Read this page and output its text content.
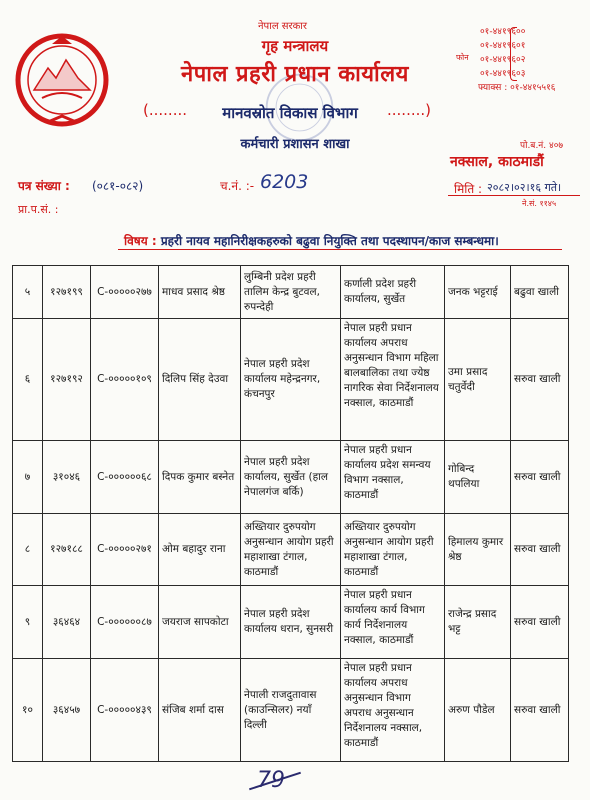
नेपाल सरकार
गृह मन्त्रालय
नेपाल प्रहरी प्रधान कार्यालय
(........	मानवस्रोत विकास विभाग	........)
कर्मचारी प्रशासन शाखा
०१-४४१९६००
०१-४४१९६०१
०१-४४१९६०२
०१-४४१९६०३
फोन
फ्याक्स : ०१-४४१५५१६
पो.ब.नं. ४०७
नक्साल, काठमाडौं
पत्र संख्या : (०८१-०८२)	च.नं. :- 6203	मिति : २०८२।०२।१६ गते।
ने.सं. ११४५
प्रा.प.सं. :
विषय : प्रहरी नायव महानिरीक्षकहरुको बढुवा नियुक्ति तथा पदस्थापन/काज सम्बन्धमा।
५	१२७१९९	C-०००००२७७	माधव प्रसाद श्रेष्ठ	लुम्बिनी प्रदेश प्रहरी तालिम केन्द्र बुटवल, रुपन्देही	कर्णाली प्रदेश प्रहरी कार्यालय, सुर्खेत	जनक भट्टराई	बढुवा खाली
६	१२७१९२	C-०००००१०९	दिलिप सिंह देउवा	नेपाल प्रहरी प्रदेश कार्यालय महेन्द्रनगर, कंचनपुर	नेपाल प्रहरी प्रधान कार्यालय अपराध अनुसन्धान विभाग महिला बालबालिका तथा ज्येष्ठ नागरिक सेवा निर्देशनालय नक्साल, काठमाडौं	उमा प्रसाद चतुर्वेदी	सरुवा खाली
७	३१०४६	C-००००००६८	दिपक कुमार बस्नेत	नेपाल प्रहरी प्रदेश कार्यालय, सुर्खेत (हाल नेपालगंज बर्कि)	नेपाल प्रहरी प्रधान कार्यालय प्रदेश समन्वय विभाग नक्साल, काठमाडौं	गोबिन्द थपलिया	सरुवा खाली
८	१२७१८८	C-०००००२७१	ओम बहादुर राना	अख्तियार दुरुपयोग अनुसन्धान आयोग प्रहरी महाशाखा टंगाल, काठमाडौं	अख्तियार दुरुपयोग अनुसन्धान आयोग प्रहरी महाशाखा टंगाल, काठमाडौं	हिमालय कुमार श्रेष्ठ	सरुवा खाली
९	३६४६४	C-००००००८७	जयराज सापकोटा	नेपाल प्रहरी प्रदेश कार्यालय धरान, सुनसरी	नेपाल प्रहरी प्रधान कार्यालय कार्य विभाग कार्य निर्देशनालय नक्साल, काठमाडौं	राजेन्द्र प्रसाद भट्ट	सरुवा खाली
१०	३६४५७	C-०००००४३९	संजिब शर्मा दास	नेपाली राजदुतावास (काउन्सिलर) नयाँ दिल्ली	नेपाल प्रहरी प्रधान कार्यालय अपराध अनुसन्धान विभाग अपराध अनुसन्धान निर्देशनालय नक्साल, काठमाडौं	अरुण पौडेल	सरुवा खाली
79
